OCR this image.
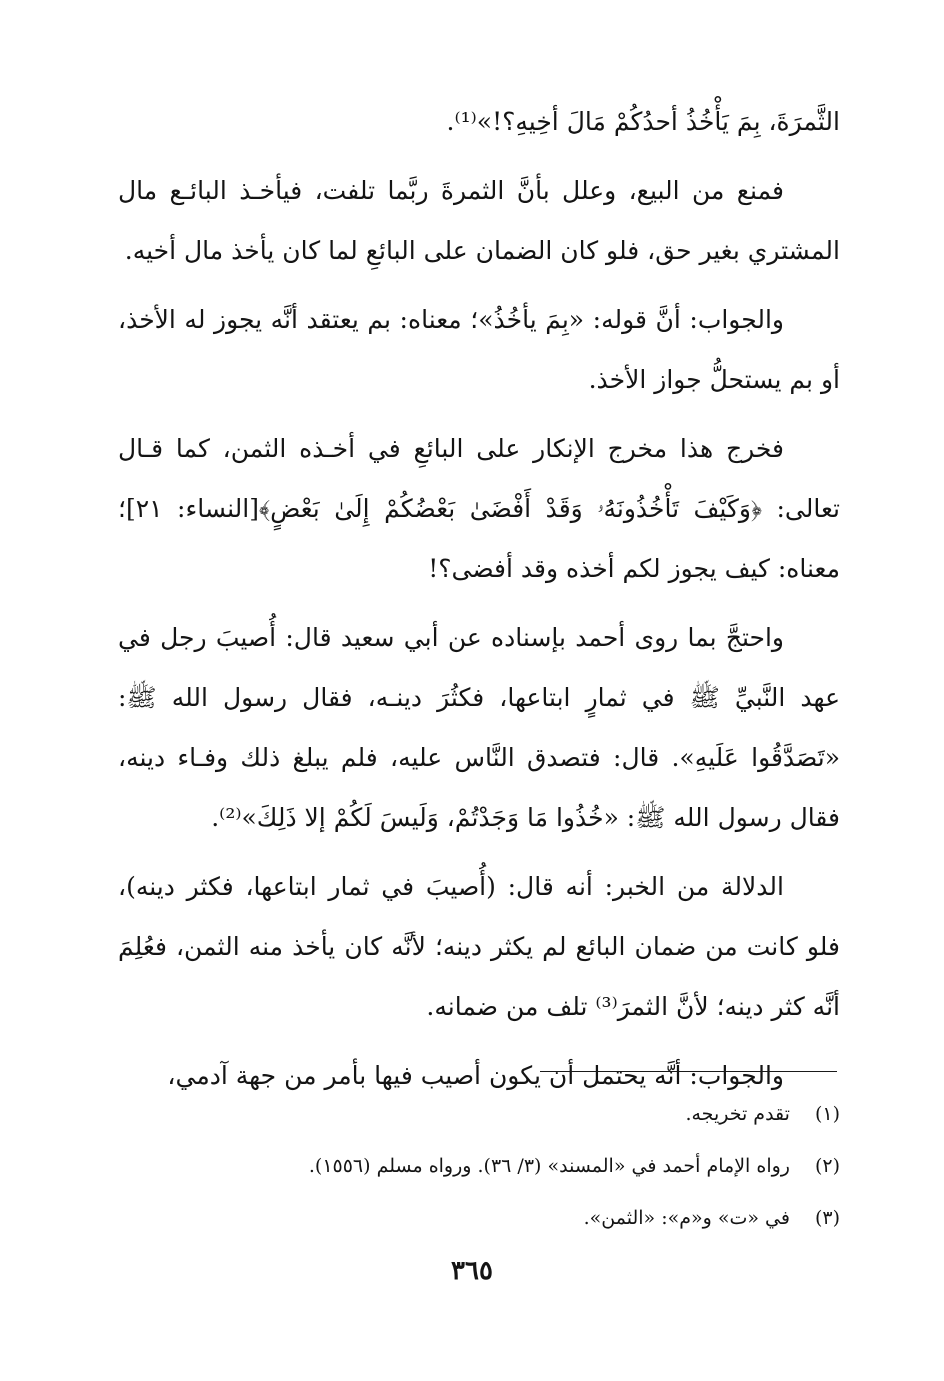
الثَّمرَةَ، بِمَ يَأْخُذُ أحدُكُمْ مَالَ أخِيهِ؟!»⁽¹⁾.

فمنع من البيع، وعلل بأنَّ الثمرةَ ربَّما تلفت، فيأخـذ البائـع مال المشتري بغير حق، فلو كان الضمان على البائعِ لما كان يأخذ مال أخيه.

والجواب: أنَّ قوله: «بِمَ يأخُذُ»؛ معناه: بم يعتقد أنَّه يجوز له الأخذ، أو بم يستحلُّ جواز الأخذ.

فخرج هذا مخرج الإنكار على البائعِ في أخـذه الثمن، كما قـال تعالى: ﴿وَكَيْفَ تَأْخُذُونَهُۥ وَقَدْ أَفْضَىٰ بَعْضُكُمْ إِلَىٰ بَعْضٍ﴾[النساء: ٢١]؛ معناه: كيف يجوز لكم أخذه وقد أفضى؟!

واحتجَّ بما روى أحمد بإسناده عن أبي سعيد قال: أُصيبَ رجل في عهد النَّبيِّ ﷺ في ثمارٍ ابتاعها، فكثُرَ دينـه، فقال رسول الله ﷺ: «تَصَدَّقُوا عَلَيهِ». قال: فتصدق النَّاس عليه، فلم يبلغ ذلك وفـاء دينه، فقال رسول الله ﷺ: «خُذُوا مَا وَجَدْتُمْ، وَلَيسَ لَكُمْ إلا ذَلِكَ»⁽²⁾.

الدلالة من الخبر: أنه قال: (أُصيبَ في ثمار ابتاعها، فكثر دينه)، فلو كانت من ضمان البائع لم يكثر دينه؛ لأنَّه كان يأخذ منه الثمن، فعُلِمَ أنَّه كثر دينه؛ لأنَّ الثمرَ⁽³⁾ تلف من ضمانه.

والجواب: أنَّه يحتمل أن يكون أصيب فيها بأمر من جهة آدمي،

(١) تقدم تخريجه.
(٢) رواه الإمام أحمد في «المسند» (٣/ ٣٦). ورواه مسلم (١٥٥٦).
(٣) في «ت» و«م»: «الثمن».
٣٦٥
